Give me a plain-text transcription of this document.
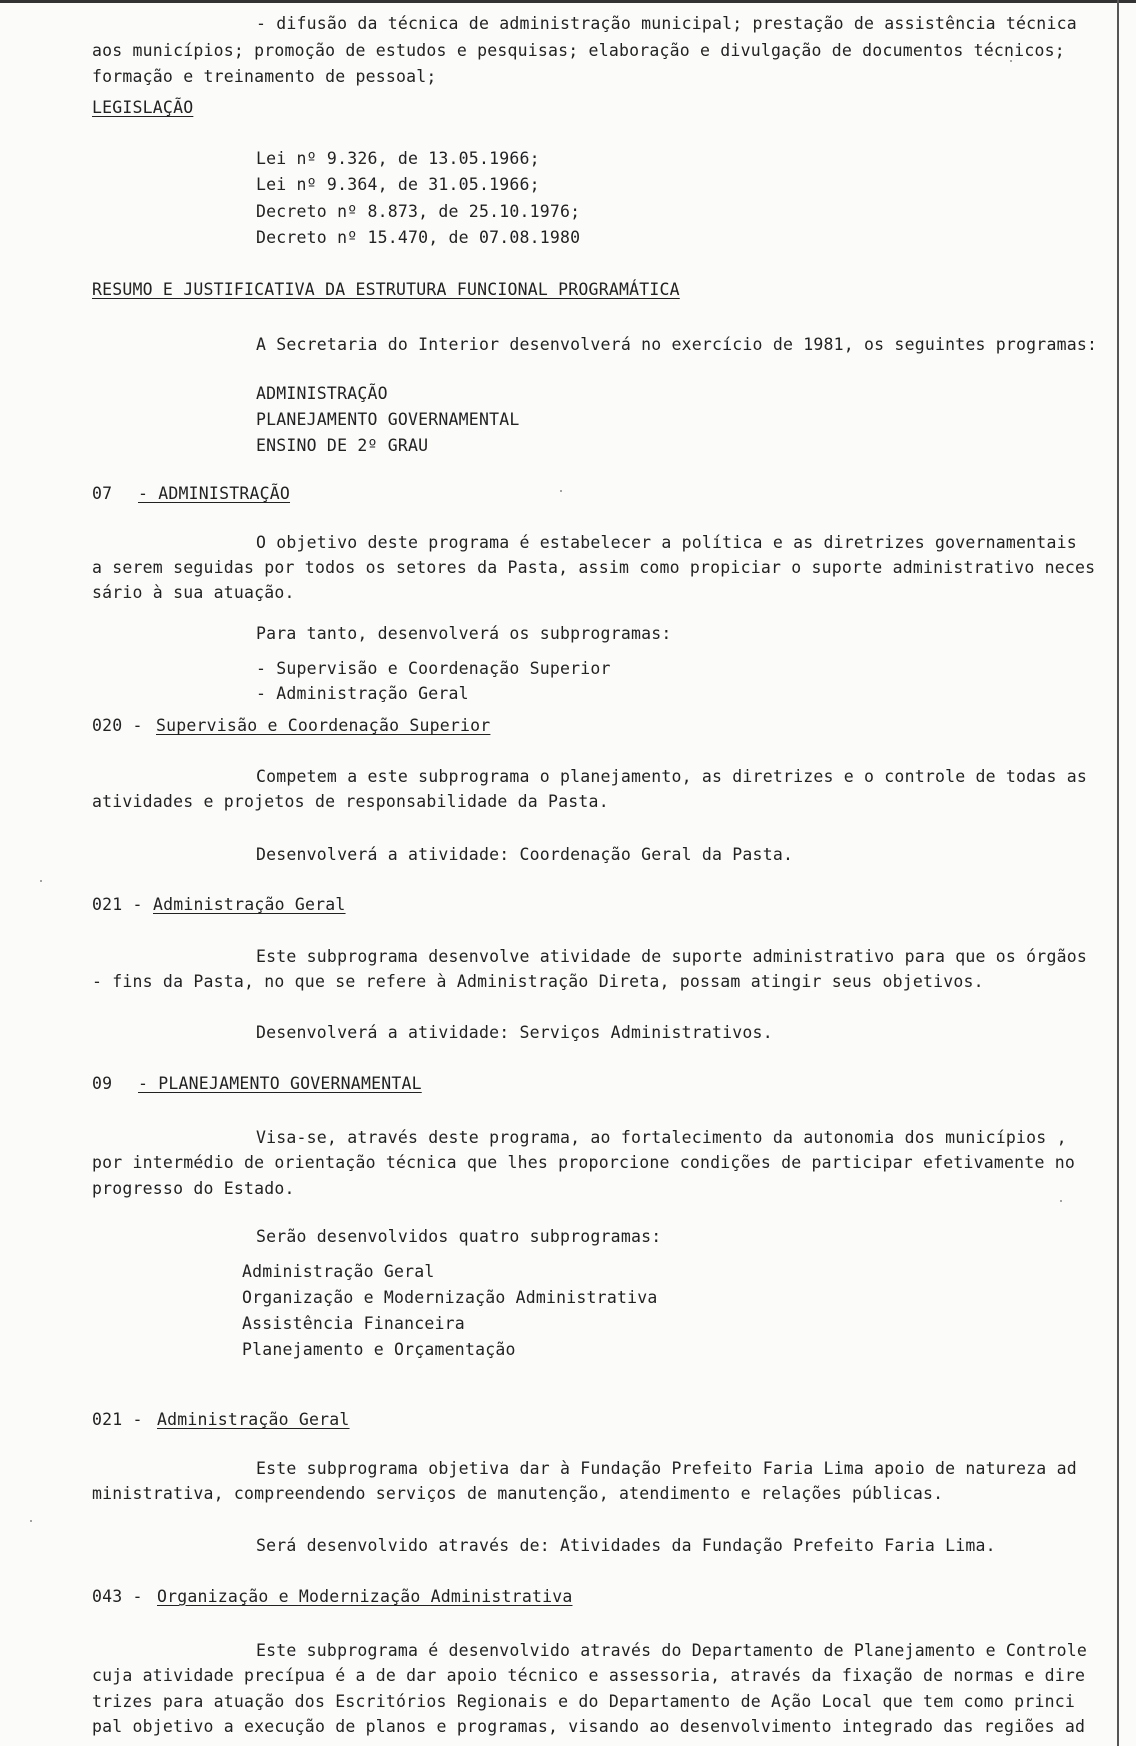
- difusão da técnica de administração municipal; prestação de assistência técnica
aos municípios; promoção de estudos e pesquisas; elaboração e divulgação de documentos técnicos;
formação e treinamento de pessoal;
LEGISLAÇÃO
Lei nº 9.326, de 13.05.1966;
Lei nº 9.364, de 31.05.1966;
Decreto nº 8.873, de 25.10.1976;
Decreto nº 15.470, de 07.08.1980
RESUMO E JUSTIFICATIVA DA ESTRUTURA FUNCIONAL PROGRAMÁTICA
A Secretaria do Interior desenvolverá no exercício de 1981, os seguintes programas:
ADMINISTRAÇÃO
PLANEJAMENTO GOVERNAMENTAL
ENSINO DE 2º GRAU
07 - ADMINISTRAÇÃO
O objetivo deste programa é estabelecer a política e as diretrizes governamentais
a serem seguidas por todos os setores da Pasta, assim como propiciar o suporte administrativo neces
sário à sua atuação.
Para tanto, desenvolverá os subprogramas:
- Supervisão e Coordenação Superior
- Administração Geral
020 - Supervisão e Coordenação Superior
Competem a este subprograma o planejamento, as diretrizes e o controle de todas as
atividades e projetos de responsabilidade da Pasta.
Desenvolverá a atividade: Coordenação Geral da Pasta.
021 - Administração Geral
Este subprograma desenvolve atividade de suporte administrativo para que os órgãos
- fins da Pasta, no que se refere à Administração Direta, possam atingir seus objetivos.
Desenvolverá a atividade: Serviços Administrativos.
09 - PLANEJAMENTO GOVERNAMENTAL
Visa-se, através deste programa, ao fortalecimento da autonomia dos municípios ,
por intermédio de orientação técnica que lhes proporcione condições de participar efetivamente no
progresso do Estado.
Serão desenvolvidos quatro subprogramas:
Administração Geral
Organização e Modernização Administrativa
Assistência Financeira
Planejamento e Orçamentação
021 - Administração Geral
Este subprograma objetiva dar à Fundação Prefeito Faria Lima apoio de natureza ad
ministrativa, compreendendo serviços de manutenção, atendimento e relações públicas.
Será desenvolvido através de: Atividades da Fundação Prefeito Faria Lima.
043 - Organização e Modernização Administrativa
Este subprograma é desenvolvido através do Departamento de Planejamento e Controle
cuja atividade precípua é a de dar apoio técnico e assessoria, através da fixação de normas e dire
trizes para atuação dos Escritórios Regionais e do Departamento de Ação Local que tem como princi
pal objetivo a execução de planos e programas, visando ao desenvolvimento integrado das regiões ad
